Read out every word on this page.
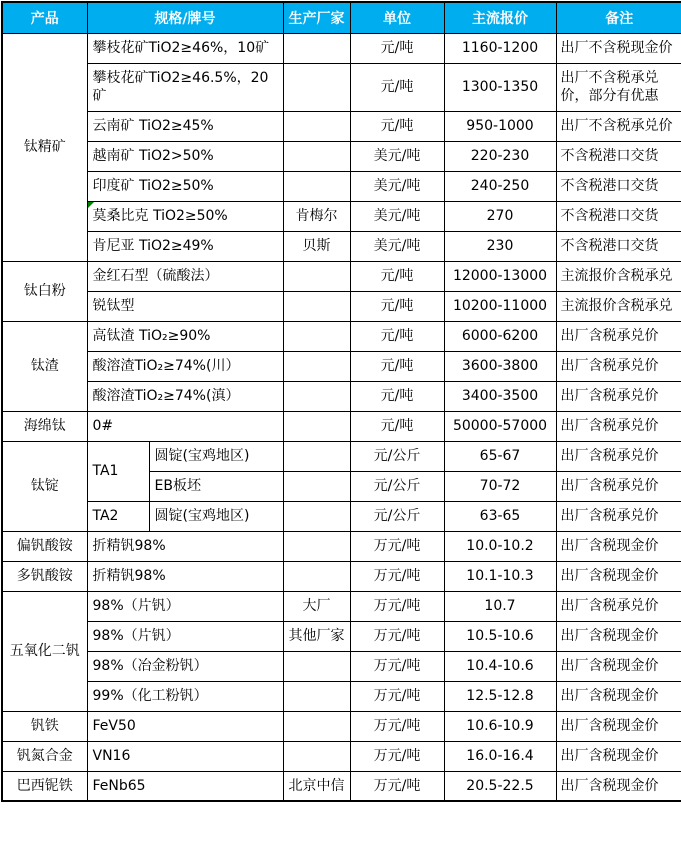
产品	规格/牌号		生产厂家	单位	主流报价	备注
钛精矿	攀枝花矿TiO2≥46%，10矿			元/吨	1160-1200	出厂不含税现金价
	攀枝花矿TiO2≥46.5%，20矿			元/吨	1300-1350	出厂不含税承兑价，部分有优惠
	云南矿 TiO2≥45%			元/吨	950-1000	出厂不含税承兑价
	越南矿 TiO2>50%			美元/吨	220-230	不含税港口交货
	印度矿 TiO2≥50%			美元/吨	240-250	不含税港口交货
	莫桑比克 TiO2≥50%		肯梅尔	美元/吨	270	不含税港口交货
	肯尼亚 TiO2≥49%		贝斯	美元/吨	230	不含税港口交货
钛白粉	金红石型（硫酸法）			元/吨	12000-13000	主流报价含税承兑
	锐钛型			元/吨	10200-11000	主流报价含税承兑
钛渣	高钛渣 TiO₂≥90%			元/吨	6000-6200	出厂含税承兑价
	酸溶渣TiO₂≥74%(川）			元/吨	3600-3800	出厂含税承兑价
	酸溶渣TiO₂≥74%(滇）			元/吨	3400-3500	出厂含税承兑价
海绵钛	0#			元/吨	50000-57000	出厂含税承兑价
钛锭	TA1	圆锭(宝鸡地区)		元/公斤	65-67	出厂含税承兑价
		EB板坯		元/公斤	70-72	出厂含税承兑价
	TA2	圆锭(宝鸡地区)		元/公斤	63-65	出厂含税承兑价
偏钒酸铵	折精钒98%			万元/吨	10.0-10.2	出厂含税现金价
多钒酸铵	折精钒98%			万元/吨	10.1-10.3	出厂含税现金价
五氧化二钒	98%（片钒）		大厂	万元/吨	10.7	出厂含税承兑价
	98%（片钒）		其他厂家	万元/吨	10.5-10.6	出厂含税现金价
	98%（冶金粉钒）			万元/吨	10.4-10.6	出厂含税现金价
	99%（化工粉钒）			万元/吨	12.5-12.8	出厂含税现金价
钒铁	FeV50			万元/吨	10.6-10.9	出厂含税现金价
钒氮合金	VN16			万元/吨	16.0-16.4	出厂含税现金价
巴西铌铁	FeNb65		北京中信	万元/吨	20.5-22.5	出厂含税现金价
